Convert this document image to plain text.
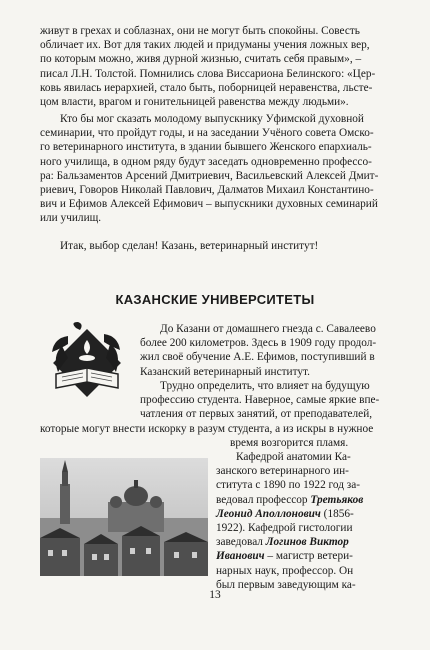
живут в грехах и соблазнах, они не могут быть спокойны. Совесть

обличает их. Вот для таких людей и придуманы учения ложных вер,

по которым можно, живя дурной жизнью, считать себя правым», –

писал Л.Н. Толстой. Помнились слова Виссариона Белинского: «Цер-

ковь явилась иерархией, стало быть, поборницей неравенства, льсте-

цом власти, врагом и гонительницей равенства между людьми».

Кто бы мог сказать молодому выпускнику Уфимской духовной

семинарии, что пройдут годы, и на заседании Учёного совета Омско-

го ветеринарного института, в здании бывшего Женского епархиаль-

ного училища, в одном ряду будут заседать одновременно профессо-

ра: Бальзаментов Арсений Дмитриевич, Васильевский Алексей Дмит-

риевич, Говоров Николай Павлович, Далматов Михаил Константино-

вич и Ефимов Алексей Ефимович – выпускники духовных семинарий

или училищ.

Итак, выбор сделан! Казань, ветеринарный институт!

КАЗАНСКИЕ УНИВЕРСИТЕТЫ

До Казани от домашнего гнезда с. Савалеево

более 200 километров. Здесь в 1909 году продол-

жил своё обучение А.Е. Ефимов, поступивший в

Казанский ветеринарный институт.

Трудно определить, что влияет на будущую

профессию студента. Наверное, самые яркие впе-

чатления от первых занятий, от преподавателей,

которые могут внести искорку в разум студента, а из искры в нужное

время возгорится пламя.

Кафедрой анатомии Ка-

занского ветеринарного ин-

ститута с 1890 по 1922 год за-

ведовал профессор Третьяков

Леонид Аполлонович (1856-

1922). Кафедрой гистологии

заведовал Логинов Виктор

Иванович – магистр ветери-

нарных наук, профессор. Он

был первым заведующим ка-

13
